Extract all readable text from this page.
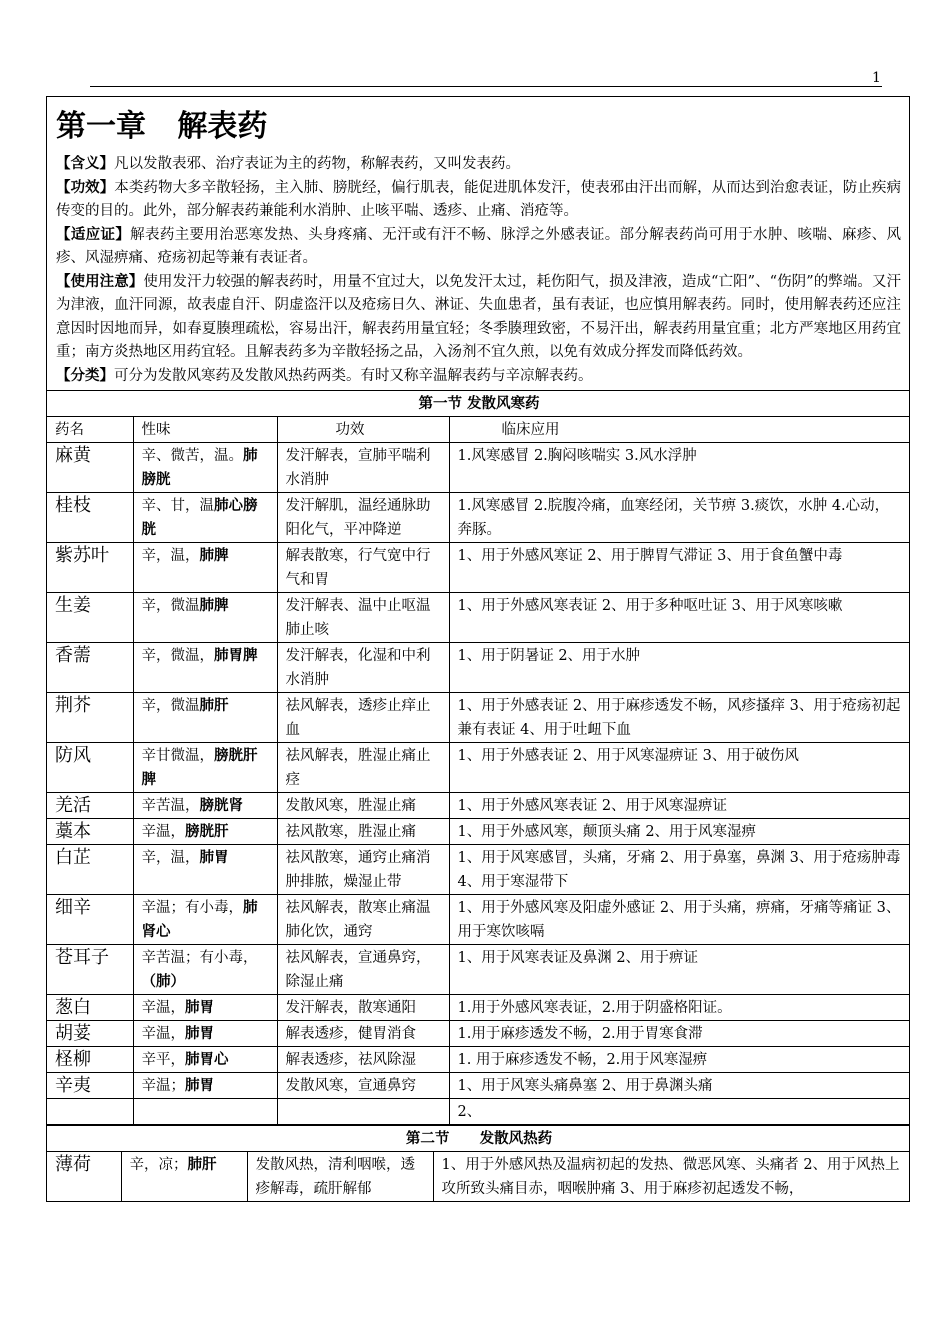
1
第一章   解表药

【含义】凡以发散表邪、治疗表证为主的药物，称解表药，又叫发表药。

【功效】本类药物大多辛散轻扬，主入肺、膀胱经，偏行肌表，能促进肌体发汗，使表邪由汗出而解，从而达到治愈表证，防止疾病传变的目的。此外，部分解表药兼能利水消肿、止咳平喘、透疹、止痛、消疮等。

【适应证】解表药主要用治恶寒发热、头身疼痛、无汗或有汗不畅、脉浮之外感表证。部分解表药尚可用于水肿、咳喘、麻疹、风疹、风湿痹痛、疮疡初起等兼有表证者。

【使用注意】使用发汗力较强的解表药时，用量不宜过大，以免发汗太过，耗伤阳气，损及津液，造成“亡阳”、“伤阴”的弊端。又汗为津液，血汗同源，故表虚自汗、阴虚盗汗以及疮疡日久、淋证、失血患者，虽有表证，也应慎用解表药。同时，使用解表药还应注意因时因地而异，如春夏腠理疏松，容易出汗，解表药用量宜轻；冬季腠理致密，不易汗出，解表药用量宜重；北方严寒地区用药宜重；南方炎热地区用药宜轻。且解表药多为辛散轻扬之品，入汤剂不宜久煎，以免有效成分挥发而降低药效。

【分类】可分为发散风寒药及发散风热药两类。有时又称辛温解表药与辛凉解表药。

第一节 发散风寒药			
药名	性味	功效	临床应用
麻黄	辛、微苦，温。肺膀胱	发汗解表，宣肺平喘利水消肿	1.风寒感冒 2.胸闷咳喘实 3.风水浮肿
桂枝	辛、甘，温肺心膀胱	发汗解肌，温经通脉助阳化气，平冲降逆	1.风寒感冒 2.脘腹冷痛，血寒经闭，关节痹 3.痰饮，水肿 4.心动，奔豚。
紫苏叶	辛，温，肺脾	解表散寒，行气宽中行气和胃	1、用于外感风寒证 2、用于脾胃气滞证 3、用于食鱼蟹中毒
生姜	辛，微温肺脾	发汗解表、温中止呕温肺止咳	1、用于外感风寒表证 2、用于多种呕吐证 3、用于风寒咳嗽
香薷	辛，微温，肺胃脾	发汗解表，化湿和中利水消肿	1、用于阴暑证 2、用于水肿
荆芥	辛，微温肺肝	祛风解表，透疹止痒止血	1、用于外感表证 2、用于麻疹透发不畅，风疹搔痒 3、用于疮疡初起兼有表证 4、用于吐衄下血
防风	辛甘微温，膀胱肝脾	祛风解表，胜湿止痛止痉	1、用于外感表证 2、用于风寒湿痹证 3、用于破伤风
羌活	辛苦温，膀胱肾	发散风寒，胜湿止痛	1、用于外感风寒表证 2、用于风寒湿痹证
藁本	辛温，膀胱肝	祛风散寒，胜湿止痛	1、用于外感风寒，颠顶头痛 2、用于风寒湿痹
白芷	辛，温，肺胃	祛风散寒，通窍止痛消肿排脓，燥湿止带	1、用于风寒感冒，头痛，牙痛 2、用于鼻塞，鼻渊 3、用于疮疡肿毒 4、用于寒湿带下
细辛	辛温；有小毒，肺肾心	祛风解表，散寒止痛温肺化饮，通窍	1、用于外感风寒及阳虚外感证 2、用于头痛，痹痛，牙痛等痛证 3、用于寒饮咳嗝
苍耳子	辛苦温；有小毒，（肺）	祛风解表，宣通鼻窍，除湿止痛	1、用于风寒表证及鼻渊 2、用于痹证
葱白	辛温，肺胃	发汗解表，散寒通阳	1.用于外感风寒表证，2.用于阴盛格阳证。
胡荽	辛温，肺胃	解表透疹，健胃消食	1.用于麻疹透发不畅，2.用于胃寒食滞
柽柳	辛平，肺胃心	解表透疹，祛风除湿	1. 用于麻疹透发不畅，2.用于风寒湿痹
辛夷	辛温；肺胃	发散风寒，宣通鼻窍	1、用于风寒头痛鼻塞 2、用于鼻渊头痛
			2、
第二节      发散风热药
薄荷	辛，凉；肺肝	发散风热，清利咽喉，透疹解毒，疏肝解郁	1、用于外感风热及温病初起的发热、微恶风寒、头痛者 2、用于风热上攻所致头痛目赤，咽喉肿痛 3、用于麻疹初起透发不畅，
